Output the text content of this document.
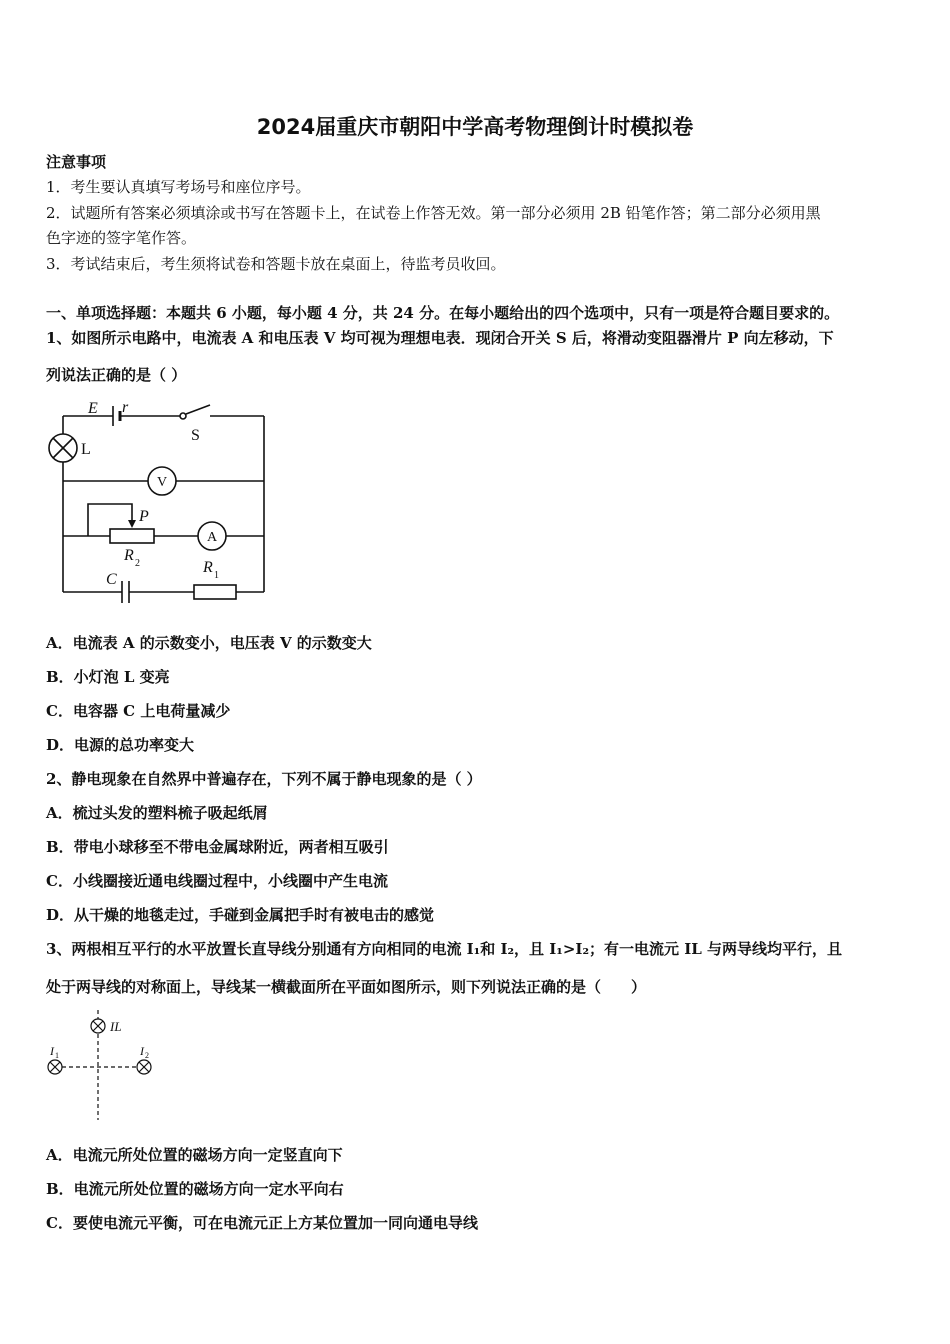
2024届重庆市朝阳中学高考物理倒计时模拟卷
注意事项
1．考生要认真填写考场号和座位序号。
2．试题所有答案必须填涂或书写在答题卡上，在试卷上作答无效。第一部分必须用 2B 铅笔作答；第二部分必须用黑
色字迹的签字笔作答。
3．考试结束后，考生须将试卷和答题卡放在桌面上，待监考员收回。
一、单项选择题：本题共 6 小题，每小题 4 分，共 24 分。在每小题给出的四个选项中，只有一项是符合题目要求的。
1、如图所示电路中，电流表 A 和电压表 V 均可视为理想电表．现闭合开关 S 后，将滑动变阻器滑片 P 向左移动，下
列说法正确的是（ ）
E r
S
L
P
R 2
C
R 1
V
A
A．电流表 A 的示数变小，电压表 V 的示数变大
B．小灯泡 L 变亮
C．电容器 C 上电荷量减少
D．电源的总功率变大
2、静电现象在自然界中普遍存在，下列不属于静电现象的是（ ）
A．梳过头发的塑料梳子吸起纸屑
B．带电小球移至不带电金属球附近，两者相互吸引
C．小线圈接近通电线圈过程中，小线圈中产生电流
D．从干燥的地毯走过，手碰到金属把手时有被电击的感觉
3、两根相互平行的水平放置长直导线分别通有方向相同的电流 I₁和 I₂，且 I₁>I₂；有一电流元 IL 与两导线均平行，且
处于两导线的对称面上，导线某一横截面所在平面如图所示，则下列说法正确的是（　　）
IL
I 1	I 2
A．电流元所处位置的磁场方向一定竖直向下
B．电流元所处位置的磁场方向一定水平向右
C．要使电流元平衡，可在电流元正上方某位置加一同向通电导线
